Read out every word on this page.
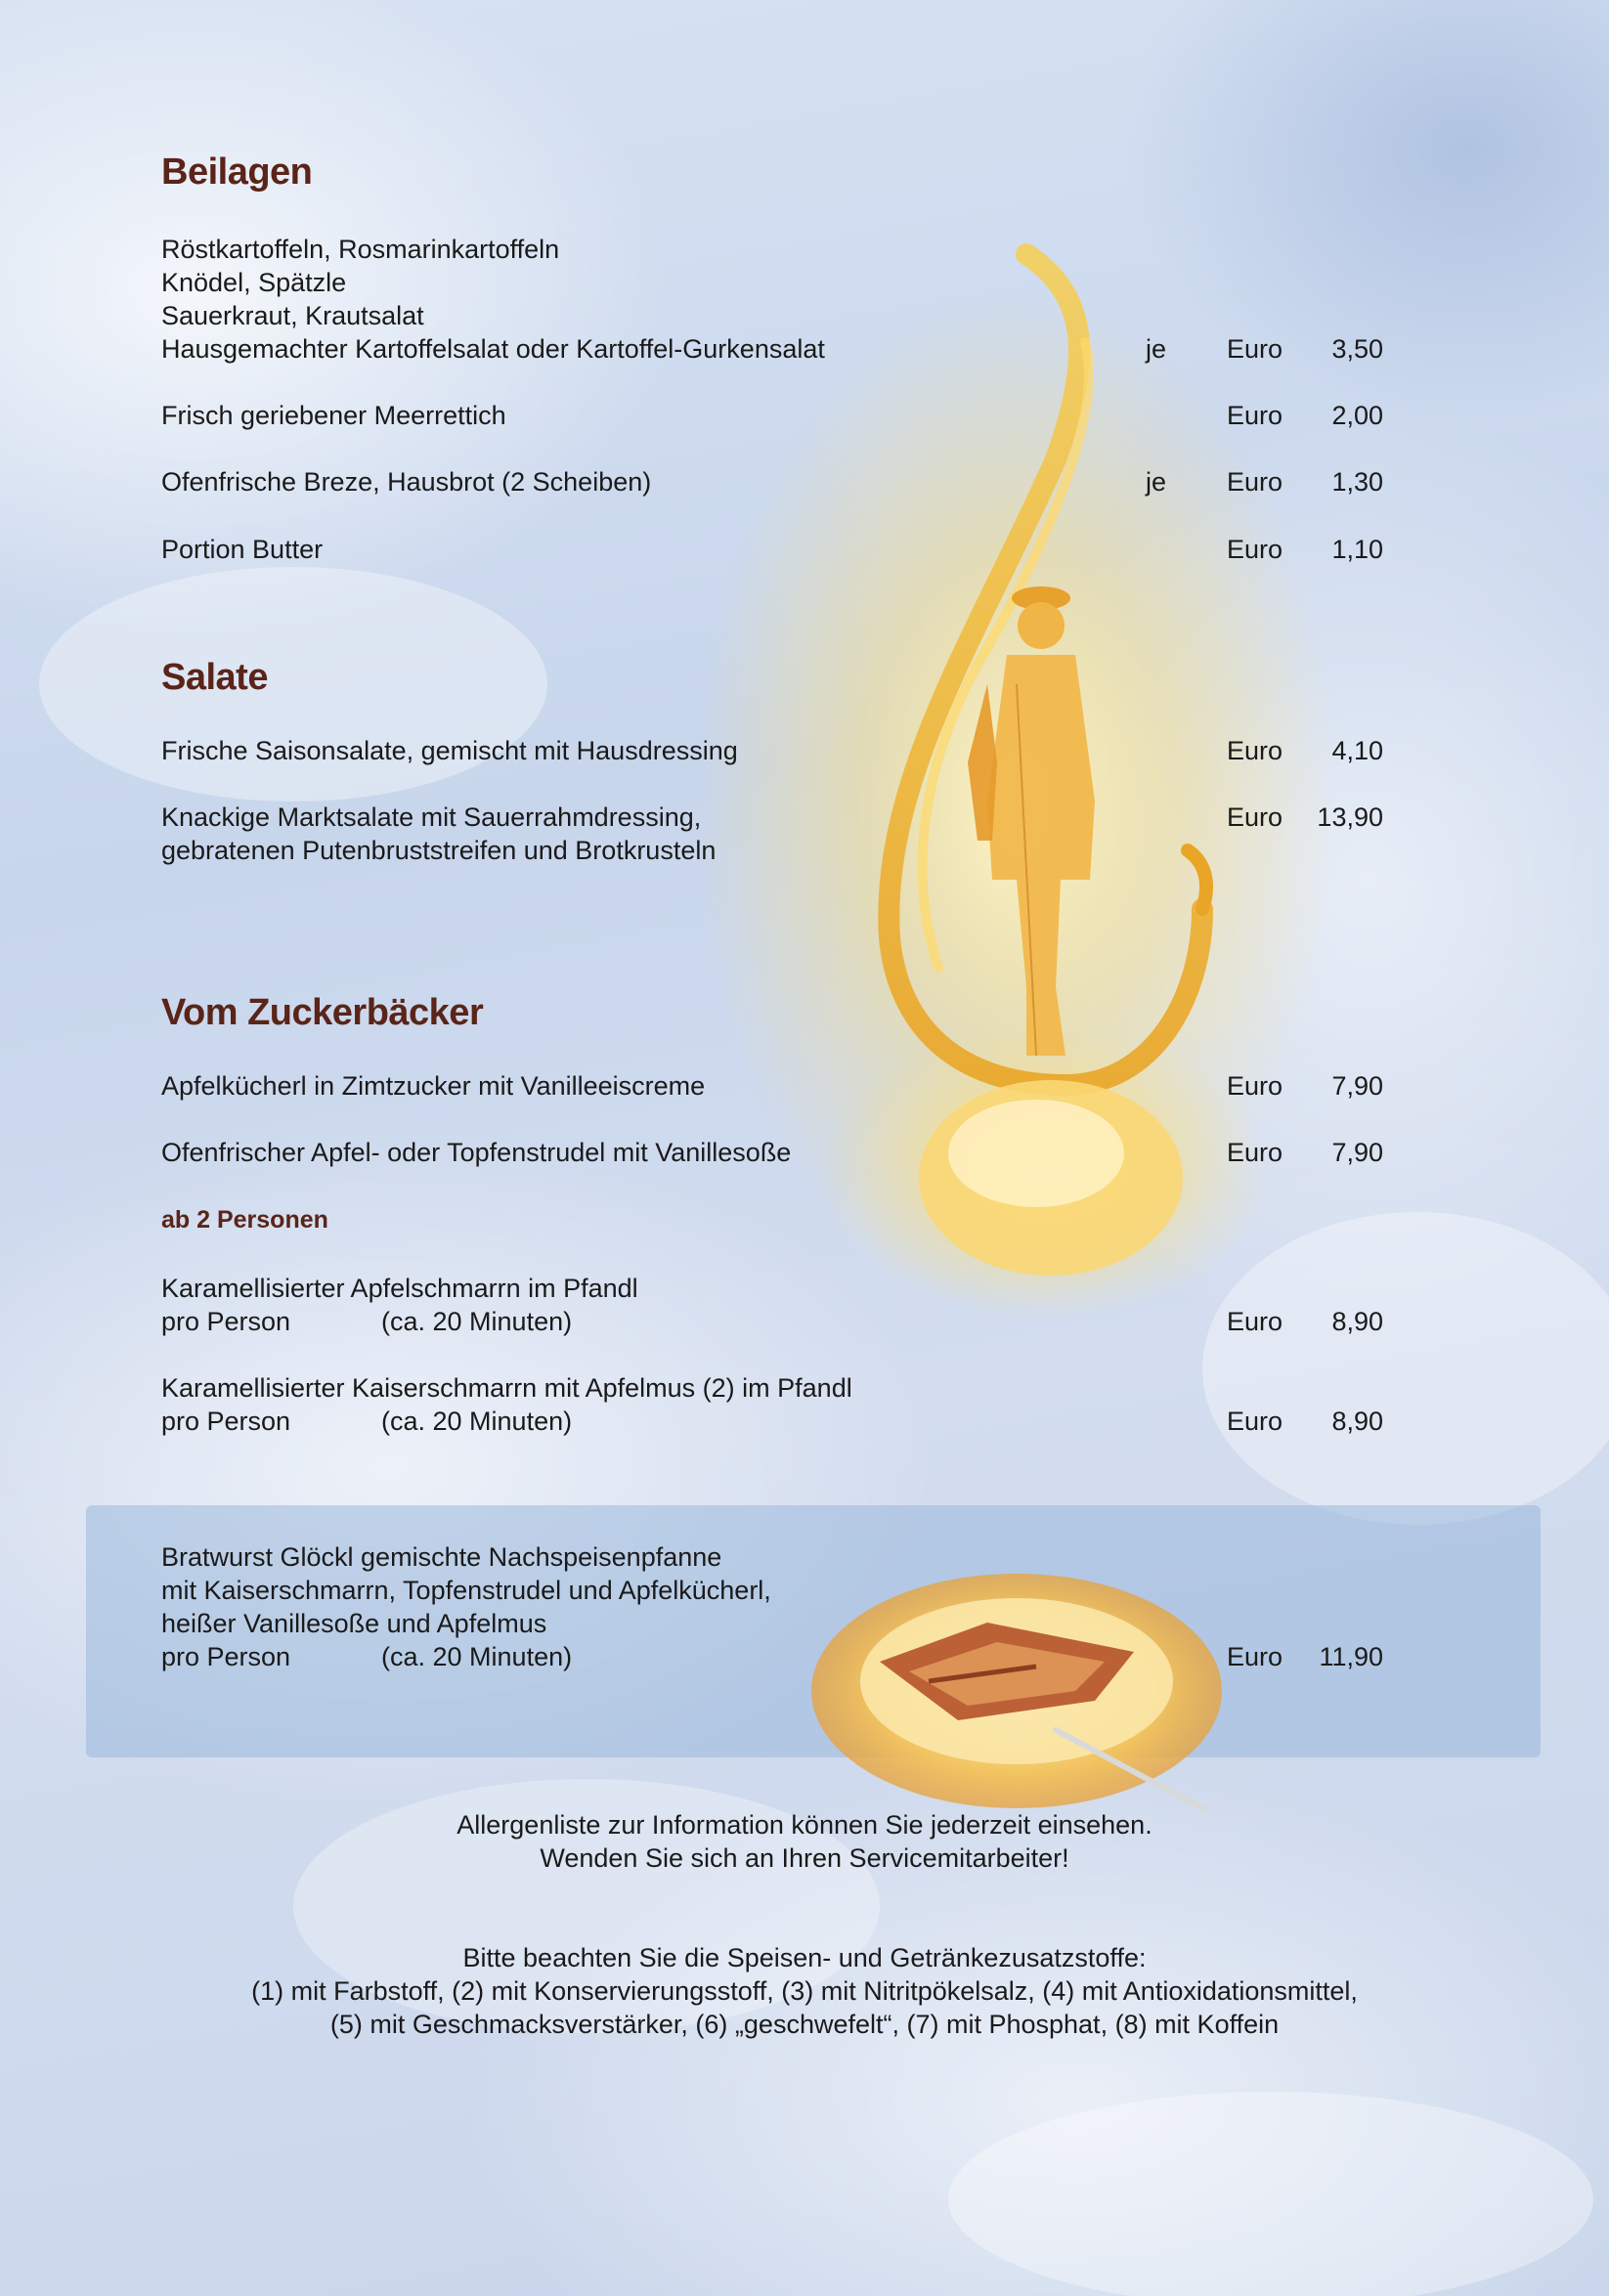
Beilagen
Röstkartoffeln, Rosmarinkartoffeln
Knödel, Spätzle
Sauerkraut, Krautsalat
Hausgemachter Kartoffelsalat oder Kartoffel-Gurkensalat	je Euro	3,50
Frisch geriebener Meerrettich	Euro	2,00
Ofenfrische Breze, Hausbrot (2 Scheiben)	je Euro	1,30
Portion Butter	Euro	1,10
Salate
Frische Saisonsalate, gemischt mit Hausdressing	Euro	4,10
Knackige Marktsalate mit Sauerrahmdressing,
gebratenen Putenbruststreifen und Brotkrusteln
Euro	13,90
Vom Zuckerbäcker
Apfelkücherl in Zimtzucker mit Vanilleeiscreme	Euro	7,90
Ofenfrischer Apfel- oder Topfenstrudel mit Vanillesoße	Euro	7,90
ab 2 Personen
Karamellisierter Apfelschmarrn im Pfandl
pro Person	(ca. 20 Minuten)	Euro	8,90
Karamellisierter Kaiserschmarrn mit Apfelmus (2) im Pfandl
pro Person	(ca. 20 Minuten)	Euro	8,90
Bratwurst Glöckl gemischte Nachspeisenpfanne
mit Kaiserschmarrn, Topfenstrudel und Apfelkücherl,
heißer Vanillesoße und Apfelmus
pro Person	(ca. 20 Minuten)	Euro	11,90
Allergenliste zur Information können Sie jederzeit einsehen.
Wenden Sie sich an Ihren Servicemitarbeiter!
Bitte beachten Sie die Speisen- und Getränkezusatzstoffe:
(1) mit Farbstoff, (2) mit Konservierungsstoff, (3) mit Nitritpökelsalz, (4) mit Antioxidationsmittel,
(5) mit Geschmacksverstärker, (6) „geschwefelt“, (7) mit Phosphat, (8) mit Koffein
